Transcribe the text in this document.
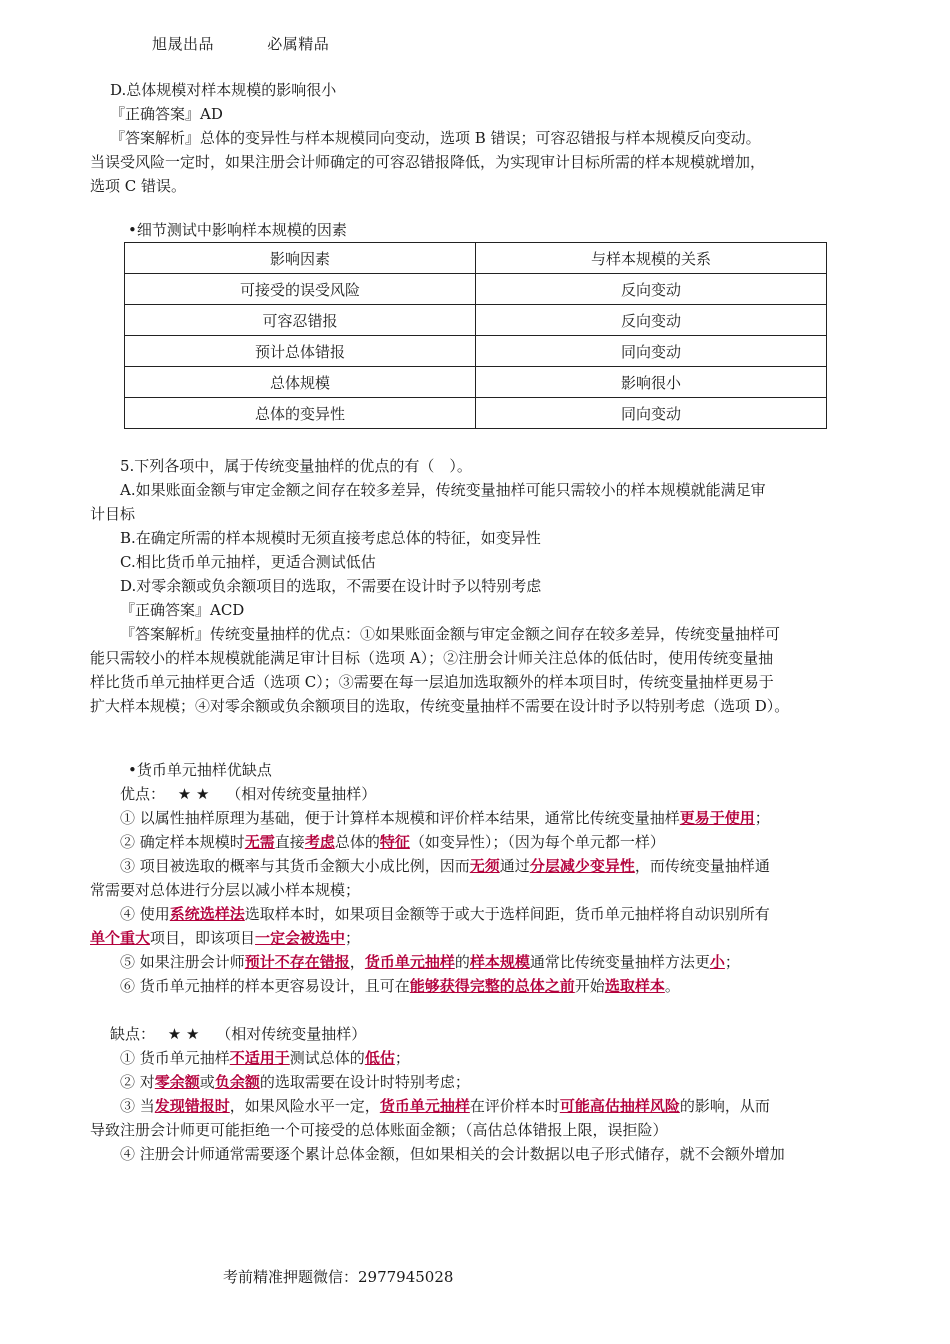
旭晟出品	必属精品
D.总体规模对样本规模的影响很小
『正确答案』AD
『答案解析』总体的变异性与样本规模同向变动，选项 B 错误；可容忍错报与样本规模反向变动。
当误受风险一定时，如果注册会计师确定的可容忍错报降低，为实现审计目标所需的样本规模就增加，
选项 C 错误。
•细节测试中影响样本规模的因素
影响因素	与样本规模的关系
可接受的误受风险	反向变动
可容忍错报	反向变动
预计总体错报	同向变动
总体规模	影响很小
总体的变异性	同向变动
5.下列各项中，属于传统变量抽样的优点的有（　）。
A.如果账面金额与审定金额之间存在较多差异，传统变量抽样可能只需较小的样本规模就能满足审
计目标
B.在确定所需的样本规模时无须直接考虑总体的特征，如变异性
C.相比货币单元抽样，更适合测试低估
D.对零余额或负余额项目的选取，不需要在设计时予以特别考虑
『正确答案』ACD
『答案解析』传统变量抽样的优点：①如果账面金额与审定金额之间存在较多差异，传统变量抽样可
能只需较小的样本规模就能满足审计目标（选项 A）；②注册会计师关注总体的低估时，使用传统变量抽
样比货币单元抽样更合适（选项 C）；③需要在每一层追加选取额外的样本项目时，传统变量抽样更易于
扩大样本规模；④对零余额或负余额项目的选取，传统变量抽样不需要在设计时予以特别考虑（选项 D）。
•货币单元抽样优缺点
优点： ★ ★ （相对传统变量抽样）
① 以属性抽样原理为基础，便于计算样本规模和评价样本结果，通常比传统变量抽样更易于使用；
② 确定样本规模时无需直接考虑总体的特征（如变异性）；（因为每个单元都一样）
③ 项目被选取的概率与其货币金额大小成比例，因而无须通过分层减少变异性，而传统变量抽样通
常需要对总体进行分层以减小样本规模；
④ 使用系统选样法选取样本时，如果项目金额等于或大于选样间距，货币单元抽样将自动识别所有
单个重大项目，即该项目一定会被选中；
⑤ 如果注册会计师预计不存在错报，货币单元抽样的样本规模通常比传统变量抽样方法更小；
⑥ 货币单元抽样的样本更容易设计，且可在能够获得完整的总体之前开始选取样本。
缺点： ★ ★ （相对传统变量抽样）
① 货币单元抽样不适用于测试总体的低估；
② 对零余额或负余额的选取需要在设计时特别考虑；
③ 当发现错报时，如果风险水平一定，货币单元抽样在评价样本时可能高估抽样风险的影响，从而
导致注册会计师更可能拒绝一个可接受的总体账面金额；（高估总体错报上限，误拒险）
④ 注册会计师通常需要逐个累计总体金额，但如果相关的会计数据以电子形式储存，就不会额外增加
考前精准押题微信：2977945028
